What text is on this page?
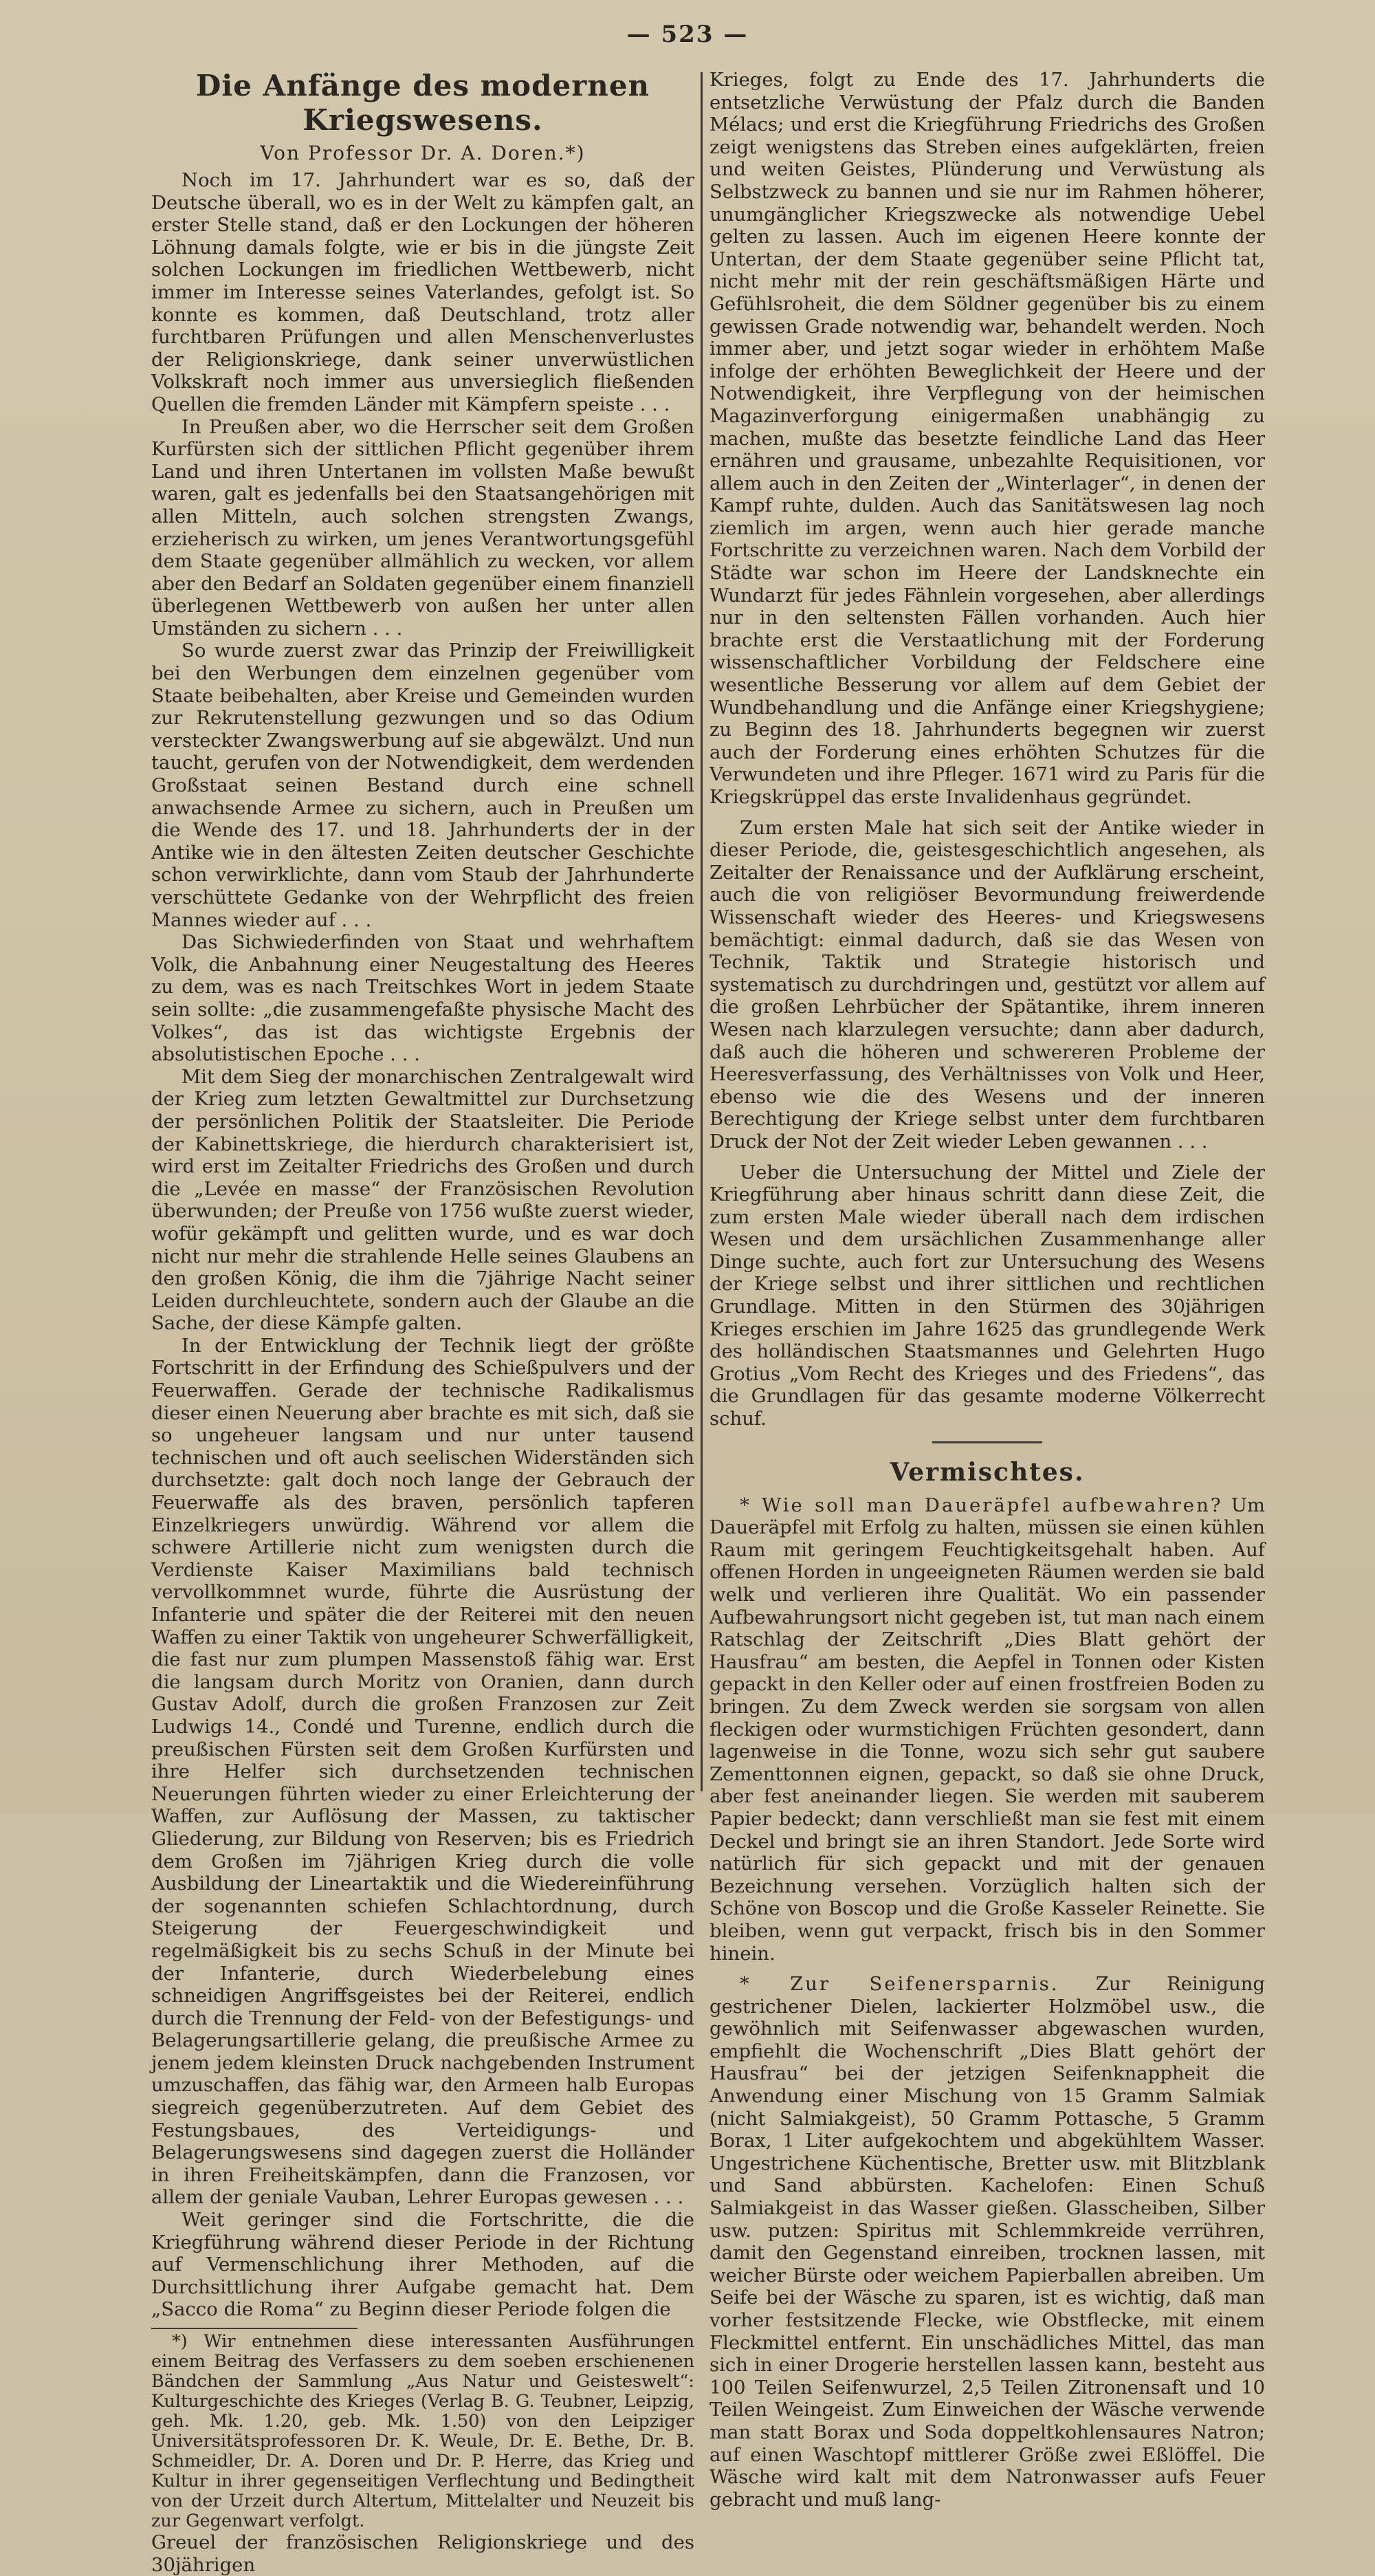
— 523 —
Die Anfänge des modernen Kriegswesens.
Von Professor Dr. A. Doren.*)

Noch im 17. Jahrhundert war es so, daß der Deutsche überall, wo es in der Welt zu kämpfen galt, an erster Stelle stand, daß er den Lockungen der höheren Löhnung damals folgte, wie er bis in die jüngste Zeit solchen Lockungen im friedlichen Wettbewerb, nicht immer im Interesse seines Vaterlandes, gefolgt ist. So konnte es kommen, daß Deutschland, trotz aller furchtbaren Prüfungen und allen Menschenverlustes der Religionskriege, dank seiner unverwüstlichen Volkskraft noch immer aus unversieglich fließenden Quellen die fremden Länder mit Kämpfern speiste . . .

In Preußen aber, wo die Herrscher seit dem Großen Kurfürsten sich der sittlichen Pflicht gegenüber ihrem Land und ihren Untertanen im vollsten Maße bewußt waren, galt es jedenfalls bei den Staatsangehörigen mit allen Mitteln, auch solchen strengsten Zwangs, erzieherisch zu wirken, um jenes Verantwortungsgefühl dem Staate gegenüber allmählich zu wecken, vor allem aber den Bedarf an Soldaten gegenüber einem finanziell überlegenen Wettbewerb von außen her unter allen Umständen zu sichern . . .

So wurde zuerst zwar das Prinzip der Freiwilligkeit bei den Werbungen dem einzelnen gegenüber vom Staate beibehalten, aber Kreise und Gemeinden wurden zur Rekrutenstellung gezwungen und so das Odium versteckter Zwangswerbung auf sie abgewälzt. Und nun taucht, gerufen von der Notwendigkeit, dem werdenden Großstaat seinen Bestand durch eine schnell anwachsende Armee zu sichern, auch in Preußen um die Wende des 17. und 18. Jahrhunderts der in der Antike wie in den ältesten Zeiten deutscher Geschichte schon verwirklichte, dann vom Staub der Jahrhunderte verschüttete Gedanke von der Wehrpflicht des freien Mannes wieder auf . . .

Das Sichwiederfinden von Staat und wehrhaftem Volk, die Anbahnung einer Neugestaltung des Heeres zu dem, was es nach Treitschkes Wort in jedem Staate sein sollte: „die zusammengefaßte physische Macht des Volkes“, das ist das wichtigste Ergebnis der absolutistischen Epoche . . .

Mit dem Sieg der monarchischen Zentralgewalt wird der Krieg zum letzten Gewaltmittel zur Durchsetzung der persönlichen Politik der Staatsleiter. Die Periode der Kabinettskriege, die hierdurch charakterisiert ist, wird erst im Zeitalter Friedrichs des Großen und durch die „Levée en masse“ der Französischen Revolution überwunden; der Preuße von 1756 wußte zuerst wieder, wofür gekämpft und gelitten wurde, und es war doch nicht nur mehr die strahlende Helle seines Glaubens an den großen König, die ihm die 7jährige Nacht seiner Leiden durchleuchtete, sondern auch der Glaube an die Sache, der diese Kämpfe galten.

In der Entwicklung der Technik liegt der größte Fortschritt in der Erfindung des Schießpulvers und der Feuerwaffen. Gerade der technische Radikalismus dieser einen Neuerung aber brachte es mit sich, daß sie so ungeheuer langsam und nur unter tausend technischen und oft auch seelischen Widerständen sich durchsetzte: galt doch noch lange der Gebrauch der Feuerwaffe als des braven, persönlich tapferen Einzelkriegers unwürdig. Während vor allem die schwere Artillerie nicht zum wenigsten durch die Verdienste Kaiser Maximilians bald technisch vervollkommnet wurde, führte die Ausrüstung der Infanterie und später die der Reiterei mit den neuen Waffen zu einer Taktik von ungeheurer Schwerfälligkeit, die fast nur zum plumpen Massenstoß fähig war. Erst die langsam durch Moritz von Oranien, dann durch Gustav Adolf, durch die großen Franzosen zur Zeit Ludwigs 14., Condé und Turenne, endlich durch die preußischen Fürsten seit dem Großen Kurfürsten und ihre Helfer sich durchsetzenden technischen Neuerungen führten wieder zu einer Erleichterung der Waffen, zur Auflösung der Massen, zu taktischer Gliederung, zur Bildung von Reserven; bis es Friedrich dem Großen im 7jährigen Krieg durch die volle Ausbildung der Lineartaktik und die Wiedereinführung der sogenannten schiefen Schlachtordnung, durch Steigerung der Feuergeschwindigkeit und regelmäßigkeit bis zu sechs Schuß in der Minute bei der Infanterie, durch Wiederbelebung eines schneidigen Angriffsgeistes bei der Reiterei, endlich durch die Trennung der Feld- von der Befestigungs- und Belagerungsartillerie gelang, die preußische Armee zu jenem jedem kleinsten Druck nachgebenden Instrument umzuschaffen, das fähig war, den Armeen halb Europas siegreich gegenüberzutreten. Auf dem Gebiet des Festungsbaues, des Verteidigungs- und Belagerungswesens sind dagegen zuerst die Holländer in ihren Freiheitskämpfen, dann die Franzosen, vor allem der geniale Vauban, Lehrer Europas gewesen . . .

Weit geringer sind die Fortschritte, die die Kriegführung während dieser Periode in der Richtung auf Vermenschlichung ihrer Methoden, auf die Durchsittlichung ihrer Aufgabe gemacht hat. Dem „Sacco die Roma“ zu Beginn dieser Periode folgen die

*) Wir entnehmen diese interessanten Ausführungen einem Beitrag des Verfassers zu dem soeben erschienenen Bändchen der Sammlung „Aus Natur und Geisteswelt“: Kulturgeschichte des Krieges (Verlag B. G. Teubner, Leipzig, geh. Mk. 1.20, geb. Mk. 1.50) von den Leipziger Universitätsprofessoren Dr. K. Weule, Dr. E. Bethe, Dr. B. Schmeidler, Dr. A. Doren und Dr. P. Herre, das Krieg und Kultur in ihrer gegenseitigen Verflechtung und Bedingtheit von der Urzeit durch Altertum, Mittelalter und Neuzeit bis zur Gegenwart verfolgt.

Greuel der französischen Religionskriege und des 30jährigen

Krieges, folgt zu Ende des 17. Jahrhunderts die entsetzliche Verwüstung der Pfalz durch die Banden Mélacs; und erst die Kriegführung Friedrichs des Großen zeigt wenigstens das Streben eines aufgeklärten, freien und weiten Geistes, Plünderung und Verwüstung als Selbstzweck zu bannen und sie nur im Rahmen höherer, unumgänglicher Kriegszwecke als notwendige Uebel gelten zu lassen. Auch im eigenen Heere konnte der Untertan, der dem Staate gegenüber seine Pflicht tat, nicht mehr mit der rein geschäftsmäßigen Härte und Gefühlsroheit, die dem Söldner gegenüber bis zu einem gewissen Grade notwendig war, behandelt werden. Noch immer aber, und jetzt sogar wieder in erhöhtem Maße infolge der erhöhten Beweglichkeit der Heere und der Notwendigkeit, ihre Verpflegung von der heimischen Magazinverforgung einigermaßen unabhängig zu machen, mußte das besetzte feindliche Land das Heer ernähren und grausame, unbezahlte Requisitionen, vor allem auch in den Zeiten der „Winterlager“, in denen der Kampf ruhte, dulden. Auch das Sanitätswesen lag noch ziemlich im argen, wenn auch hier gerade manche Fortschritte zu verzeichnen waren. Nach dem Vorbild der Städte war schon im Heere der Landsknechte ein Wundarzt für jedes Fähnlein vorgesehen, aber allerdings nur in den seltensten Fällen vorhanden. Auch hier brachte erst die Verstaatlichung mit der Forderung wissenschaftlicher Vorbildung der Feldschere eine wesentliche Besserung vor allem auf dem Gebiet der Wundbehandlung und die Anfänge einer Kriegshygiene; zu Beginn des 18. Jahrhunderts begegnen wir zuerst auch der Forderung eines erhöhten Schutzes für die Verwundeten und ihre Pfleger. 1671 wird zu Paris für die Kriegskrüppel das erste Invalidenhaus gegründet.

Zum ersten Male hat sich seit der Antike wieder in dieser Periode, die, geistesgeschichtlich angesehen, als Zeitalter der Renaissance und der Aufklärung erscheint, auch die von religiöser Bevormundung freiwerdende Wissenschaft wieder des Heeres- und Kriegswesens bemächtigt: einmal dadurch, daß sie das Wesen von Technik, Taktik und Strategie historisch und systematisch zu durchdringen und, gestützt vor allem auf die großen Lehrbücher der Spätantike, ihrem inneren Wesen nach klarzulegen versuchte; dann aber dadurch, daß auch die höheren und schwereren Probleme der Heeresverfassung, des Verhältnisses von Volk und Heer, ebenso wie die des Wesens und der inneren Berechtigung der Kriege selbst unter dem furchtbaren Druck der Not der Zeit wieder Leben gewannen . . .

Ueber die Untersuchung der Mittel und Ziele der Kriegführung aber hinaus schritt dann diese Zeit, die zum ersten Male wieder überall nach dem irdischen Wesen und dem ursächlichen Zusammenhange aller Dinge suchte, auch fort zur Untersuchung des Wesens der Kriege selbst und ihrer sittlichen und rechtlichen Grundlage. Mitten in den Stürmen des 30jährigen Krieges erschien im Jahre 1625 das grundlegende Werk des holländischen Staatsmannes und Gelehrten Hugo Grotius „Vom Recht des Krieges und des Friedens“, das die Grundlagen für das gesamte moderne Völkerrecht schuf.

Vermischtes.

* Wie soll man Daueräpfel aufbewahren? Um Daueräpfel mit Erfolg zu halten, müssen sie einen kühlen Raum mit geringem Feuchtigkeitsgehalt haben. Auf offenen Horden in ungeeigneten Räumen werden sie bald welk und verlieren ihre Qualität. Wo ein passender Aufbewahrungsort nicht gegeben ist, tut man nach einem Ratschlag der Zeitschrift „Dies Blatt gehört der Hausfrau“ am besten, die Aepfel in Tonnen oder Kisten gepackt in den Keller oder auf einen frostfreien Boden zu bringen. Zu dem Zweck werden sie sorgsam von allen fleckigen oder wurmstichigen Früchten gesondert, dann lagenweise in die Tonne, wozu sich sehr gut saubere Zementtonnen eignen, gepackt, so daß sie ohne Druck, aber fest aneinander liegen. Sie werden mit sauberem Papier bedeckt; dann verschließt man sie fest mit einem Deckel und bringt sie an ihren Standort. Jede Sorte wird natürlich für sich gepackt und mit der genauen Bezeichnung versehen. Vorzüglich halten sich der Schöne von Boscop und die Große Kasseler Reinette. Sie bleiben, wenn gut verpackt, frisch bis in den Sommer hinein.

* Zur Seifenersparnis. Zur Reinigung gestrichener Dielen, lackierter Holzmöbel usw., die gewöhnlich mit Seifenwasser abgewaschen wurden, empfiehlt die Wochenschrift „Dies Blatt gehört der Hausfrau“ bei der jetzigen Seifenknappheit die Anwendung einer Mischung von 15 Gramm Salmiak (nicht Salmiakgeist), 50 Gramm Pottasche, 5 Gramm Borax, 1 Liter aufgekochtem und abgekühltem Wasser. Ungestrichene Küchentische, Bretter usw. mit Blitzblank und Sand abbürsten. Kachelofen: Einen Schuß Salmiakgeist in das Wasser gießen. Glasscheiben, Silber usw. putzen: Spiritus mit Schlemmkreide verrühren, damit den Gegenstand einreiben, trocknen lassen, mit weicher Bürste oder weichem Papierballen abreiben. Um Seife bei der Wäsche zu sparen, ist es wichtig, daß man vorher festsitzende Flecke, wie Obstflecke, mit einem Fleckmittel entfernt. Ein unschädliches Mittel, das man sich in einer Drogerie herstellen lassen kann, besteht aus 100 Teilen Seifenwurzel, 2,5 Teilen Zitronensaft und 10 Teilen Weingeist. Zum Einweichen der Wäsche verwende man statt Borax und Soda doppeltkohlensaures Natron; auf einen Waschtopf mittlerer Größe zwei Eßlöffel. Die Wäsche wird kalt mit dem Natronwasser aufs Feuer gebracht und muß lang-
